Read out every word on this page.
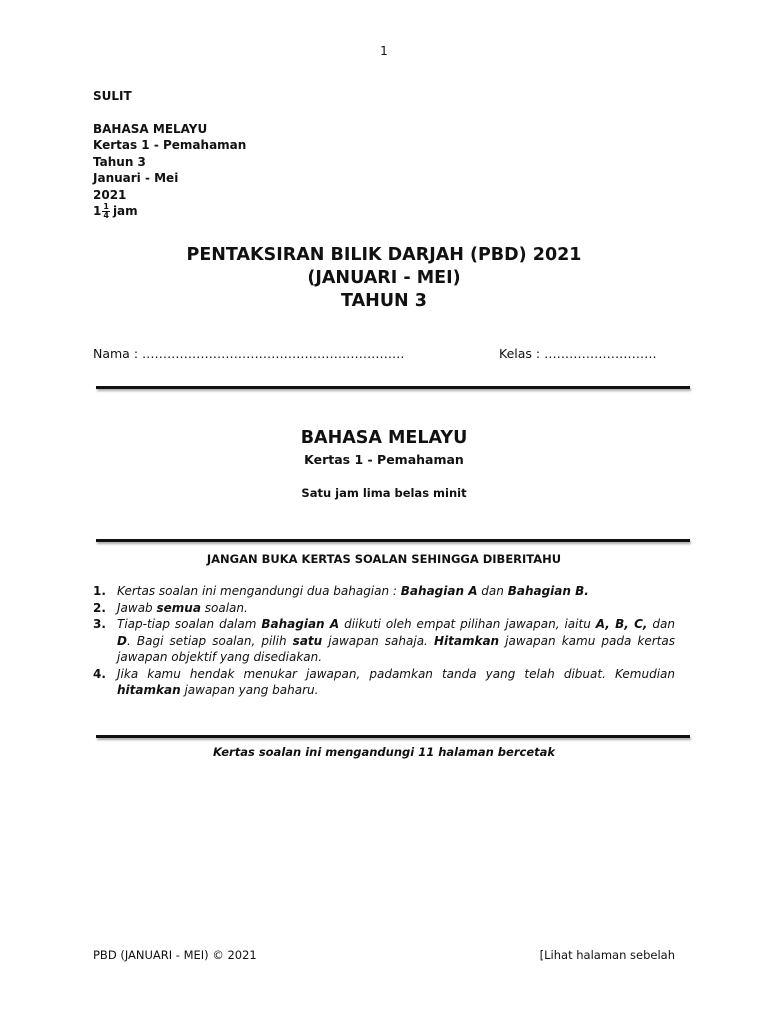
1
SULIT
BAHASA MELAYU
Kertas 1 - Pemahaman
Tahun 3
Januari - Mei
2021
$1 \frac{1}{4}$ jam
PENTAKSIRAN BILIK DARJAH (PBD) 2021
(JANUARI - MEI)
TAHUN 3
Nama : ………………………………………………………	Kelas : ………………………
BAHASA MELAYU
Kertas 1 - Pemahaman
Satu jam lima belas minit
JANGAN BUKA KERTAS SOALAN SEHINGGA DIBERITAHU
1. Kertas soalan ini mengandungi dua bahagian : Bahagian A dan Bahagian B.
2. Jawab semua soalan.
3. Tiap-tiap soalan dalam Bahagian A diikuti oleh empat pilihan jawapan, iaitu A, B, C, dan D. Bagi setiap soalan, pilih satu jawapan sahaja. Hitamkan jawapan kamu pada kertas jawapan objektif yang disediakan.
4. Jika kamu hendak menukar jawapan, padamkan tanda yang telah dibuat. Kemudian hitamkan jawapan yang baharu.
Kertas soalan ini mengandungi 11 halaman bercetak
PBD (JANUARI - MEI) © 2021	[Lihat halaman sebelah
